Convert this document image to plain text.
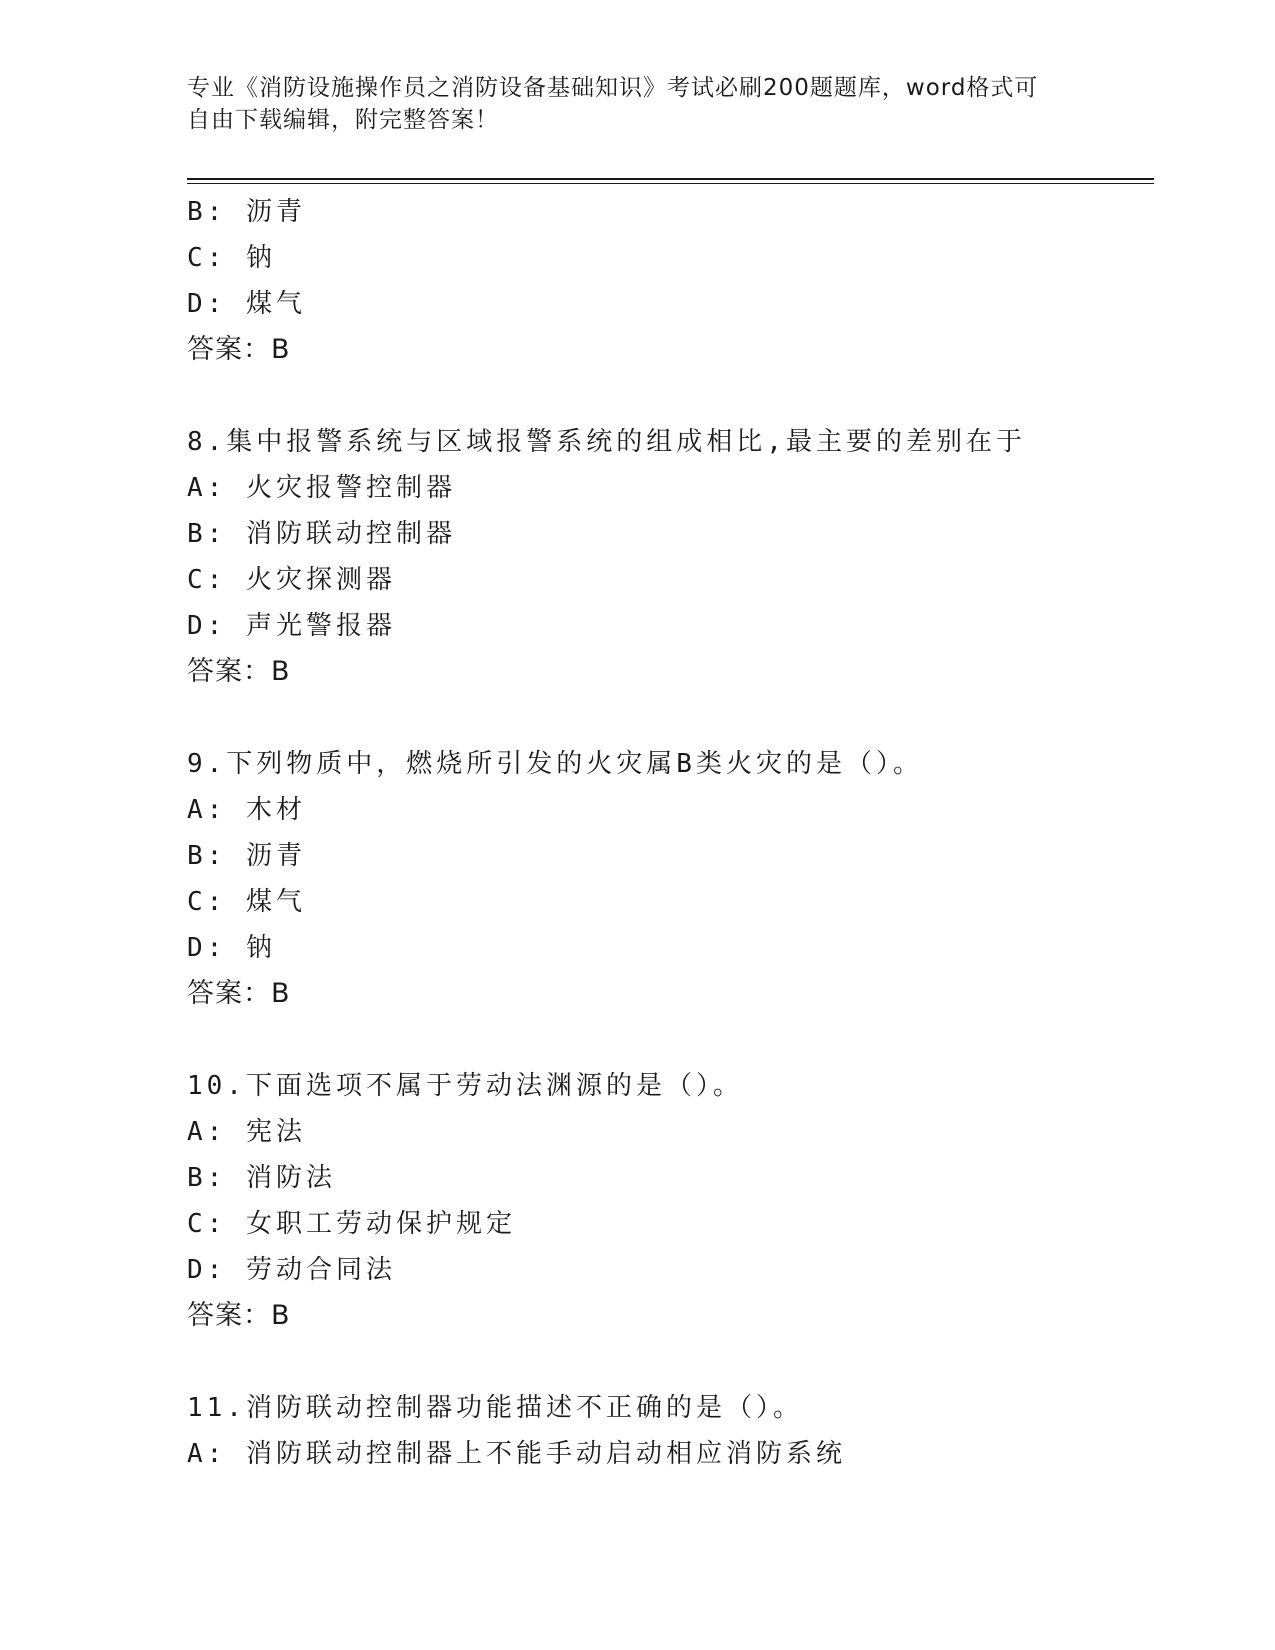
专业《消防设施操作员之消防设备基础知识》考试必刷200题题库，word格式可
自由下载编辑，附完整答案！
B: 沥青
C: 钠
D: 煤气
答案：B
8.集中报警系统与区域报警系统的组成相比,最主要的差别在于
A: 火灾报警控制器
B: 消防联动控制器
C: 火灾探测器
D: 声光警报器
答案：B
9.下列物质中，燃烧所引发的火灾属B类火灾的是（）。
A: 木材
B: 沥青
C: 煤气
D: 钠
答案：B
10.下面选项不属于劳动法渊源的是（）。
A: 宪法
B: 消防法
C: 女职工劳动保护规定
D: 劳动合同法
答案：B
11.消防联动控制器功能描述不正确的是（）。
A: 消防联动控制器上不能手动启动相应消防系统
